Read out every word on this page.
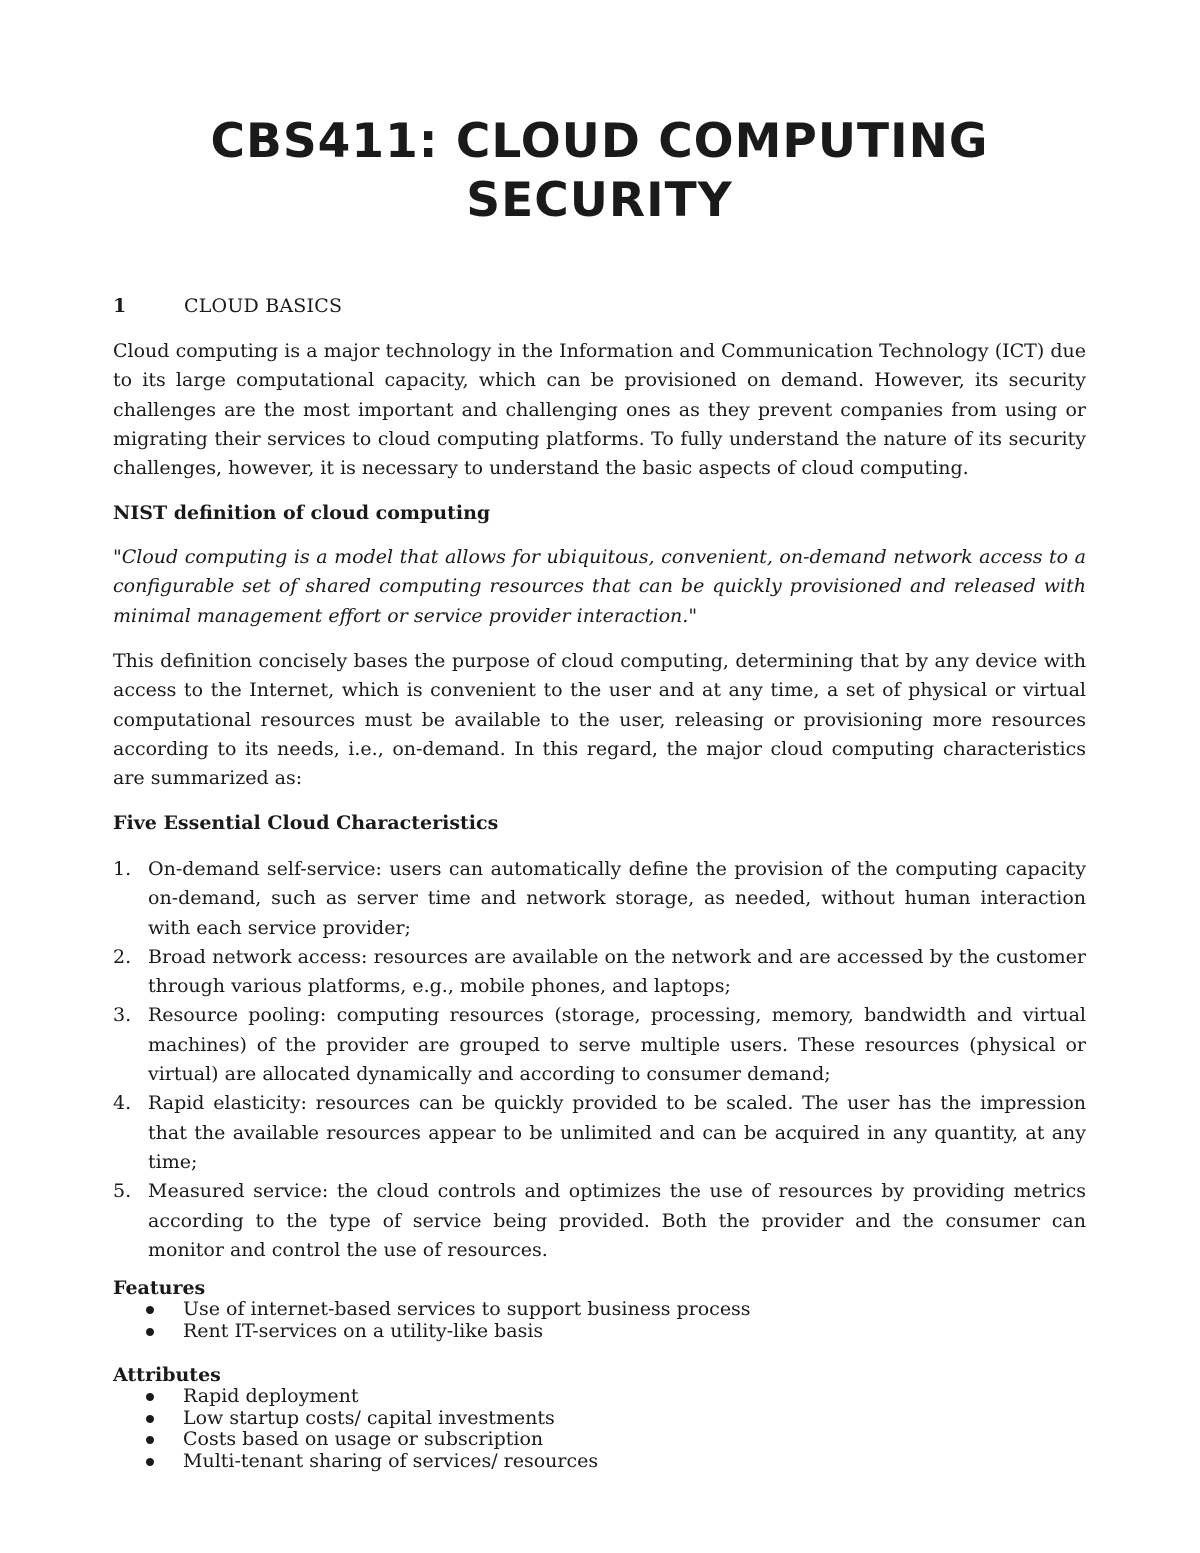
CBS411: CLOUD COMPUTING
SECURITY
1	CLOUD BASICS

Cloud computing is a major technology in the Information and Communication Technology (ICT) due to its large computational capacity, which can be provisioned on demand. However, its security challenges are the most important and challenging ones as they prevent companies from using or migrating their services to cloud computing platforms. To fully understand the nature of its security challenges, however, it is necessary to understand the basic aspects of cloud computing.

NIST definition of cloud computing

"Cloud computing is a model that allows for ubiquitous, convenient, on-demand network access to a configurable set of shared computing resources that can be quickly provisioned and released with minimal management effort or service provider interaction."

This definition concisely bases the purpose of cloud computing, determining that by any device with access to the Internet, which is convenient to the user and at any time, a set of physical or virtual computational resources must be available to the user, releasing or provisioning more resources according to its needs, i.e., on-demand. In this regard, the major cloud computing characteristics are summarized as:

Five Essential Cloud Characteristics
1. On-demand self-service: users can automatically define the provision of the computing capacity on-demand, such as server time and network storage, as needed, without human interaction with each service provider;
2. Broad network access: resources are available on the network and are accessed by the customer through various platforms, e.g., mobile phones, and laptops;
3. Resource pooling: computing resources (storage, processing, memory, bandwidth and virtual machines) of the provider are grouped to serve multiple users. These resources (physical or virtual) are allocated dynamically and according to consumer demand;
4. Rapid elasticity: resources can be quickly provided to be scaled. The user has the impression that the available resources appear to be unlimited and can be acquired in any quantity, at any time;
5. Measured service: the cloud controls and optimizes the use of resources by providing metrics according to the type of service being provided. Both the provider and the consumer can monitor and control the use of resources.
Features
Use of internet-based services to support business process
Rent IT-services on a utility-like basis
Attributes
Rapid deployment
Low startup costs/ capital investments
Costs based on usage or subscription
Multi-tenant sharing of services/ resources
